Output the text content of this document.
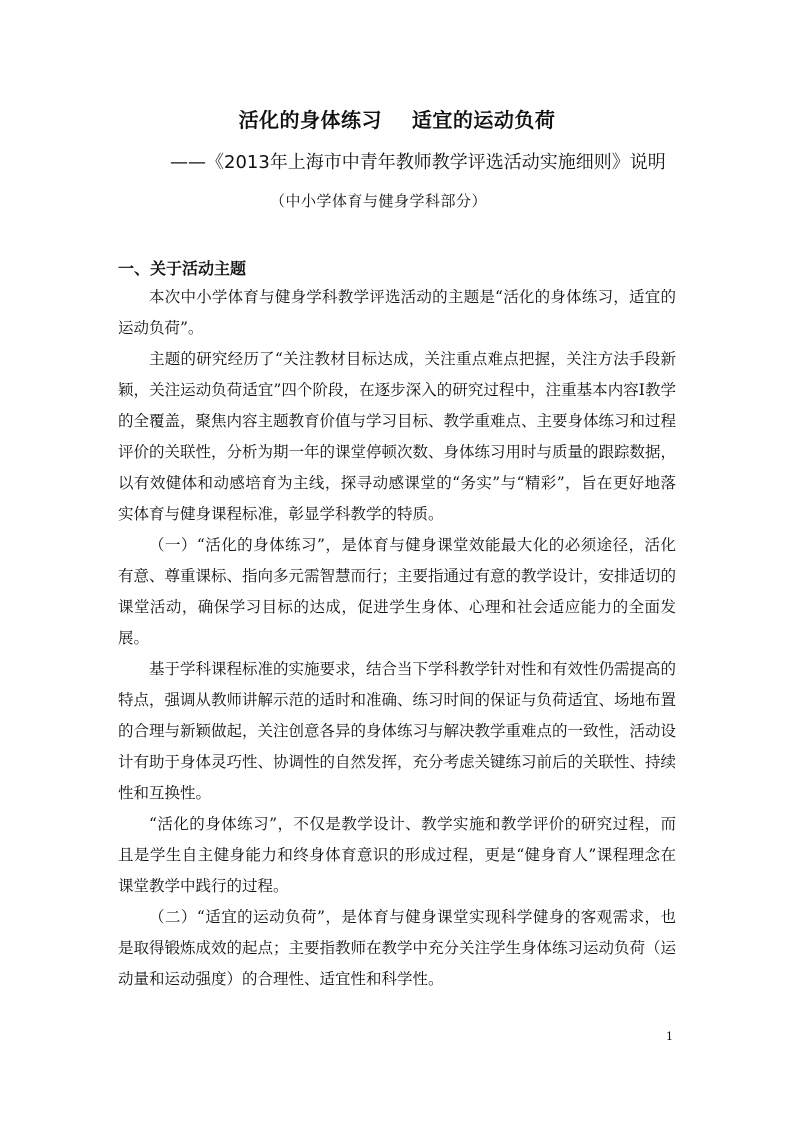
活化的身体练习    适宜的运动负荷
——《2013年上海市中青年教师教学评选活动实施细则》说明
（中小学体育与健身学科部分）
一、关于活动主题

本次中小学体育与健身学科教学评选活动的主题是“活化的身体练习，适宜的运动负荷”。

主题的研究经历了“关注教材目标达成，关注重点难点把握，关注方法手段新颖，关注运动负荷适宜”四个阶段，在逐步深入的研究过程中，注重基本内容Ⅰ教学的全覆盖，聚焦内容主题教育价值与学习目标、教学重难点、主要身体练习和过程评价的关联性，分析为期一年的课堂停顿次数、身体练习用时与质量的跟踪数据，以有效健体和动感培育为主线，探寻动感课堂的“务实”与“精彩”，旨在更好地落实体育与健身课程标准，彰显学科教学的特质。

（一）“活化的身体练习”，是体育与健身课堂效能最大化的必须途径，活化有意、尊重课标、指向多元需智慧而行；主要指通过有意的教学设计，安排适切的课堂活动，确保学习目标的达成，促进学生身体、心理和社会适应能力的全面发展。

基于学科课程标准的实施要求，结合当下学科教学针对性和有效性仍需提高的特点，强调从教师讲解示范的适时和准确、练习时间的保证与负荷适宜、场地布置的合理与新颖做起，关注创意各异的身体练习与解决教学重难点的一致性，活动设计有助于身体灵巧性、协调性的自然发挥，充分考虑关键练习前后的关联性、持续性和互换性。

“活化的身体练习”，不仅是教学设计、教学实施和教学评价的研究过程，而且是学生自主健身能力和终身体育意识的形成过程，更是“健身育人”课程理念在课堂教学中践行的过程。

（二）“适宜的运动负荷”，是体育与健身课堂实现科学健身的客观需求，也是取得锻炼成效的起点；主要指教师在教学中充分关注学生身体练习运动负荷（运动量和运动强度）的合理性、适宜性和科学性。

1
